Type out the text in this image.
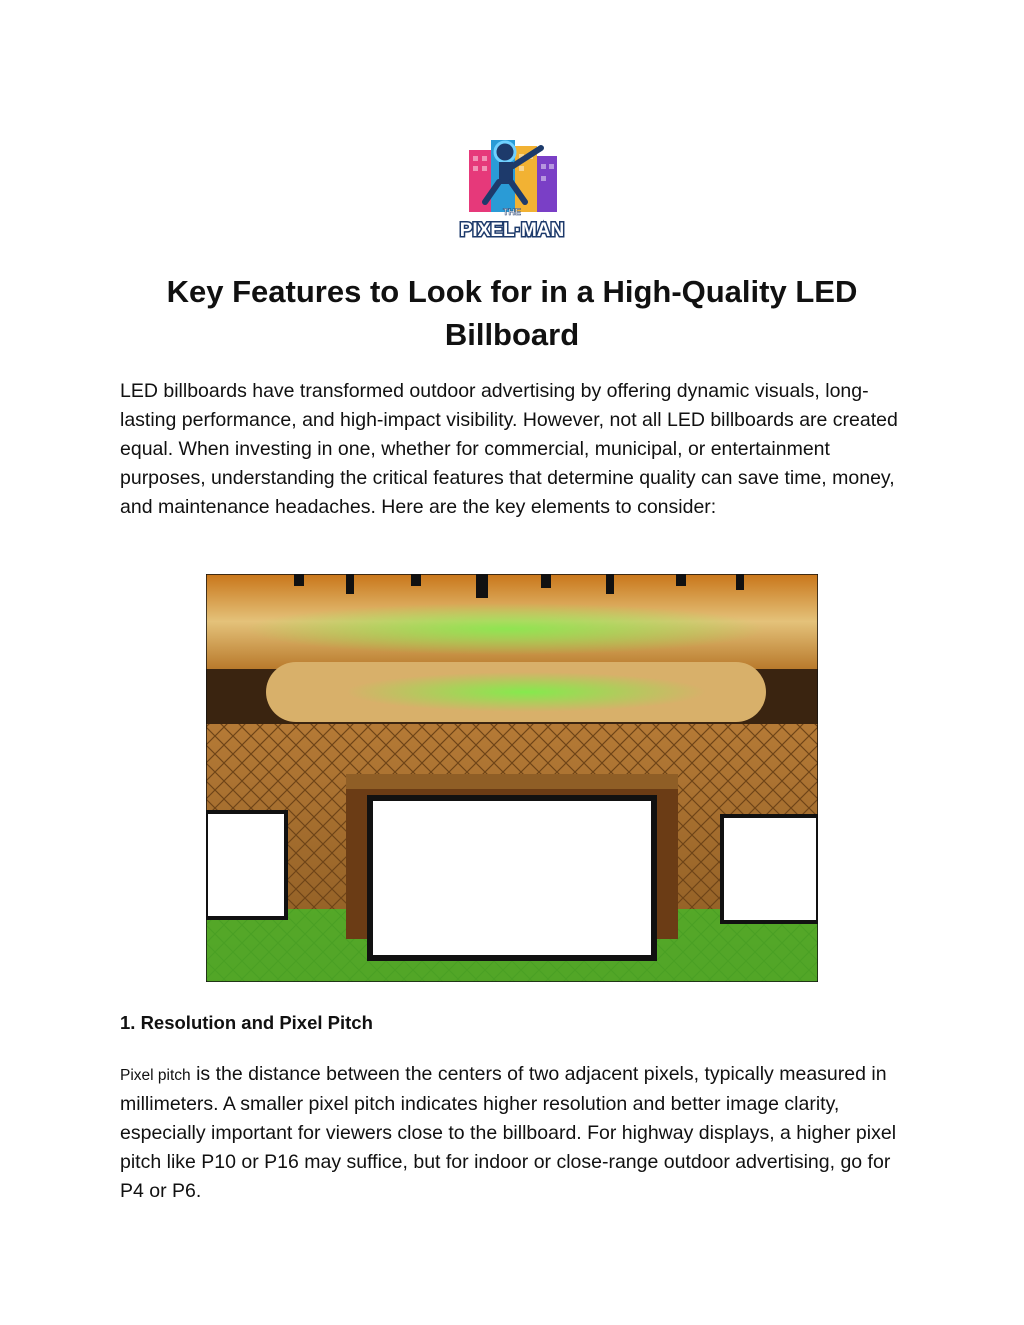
THE
PIXEL·MAN
Key Features to Look for in a High-Quality LED Billboard

LED billboards have transformed outdoor advertising by offering dynamic visuals, long-lasting performance, and high-impact visibility. However, not all LED billboards are created equal. When investing in one, whether for commercial, municipal, or entertainment purposes, understanding the critical features that determine quality can save time, money, and maintenance headaches. Here are the key elements to consider:

1. Resolution and Pixel Pitch

Pixel pitch is the distance between the centers of two adjacent pixels, typically measured in millimeters. A smaller pixel pitch indicates higher resolution and better image clarity, especially important for viewers close to the billboard. For highway displays, a higher pixel pitch like P10 or P16 may suffice, but for indoor or close-range outdoor advertising, go for P4 or P6.
